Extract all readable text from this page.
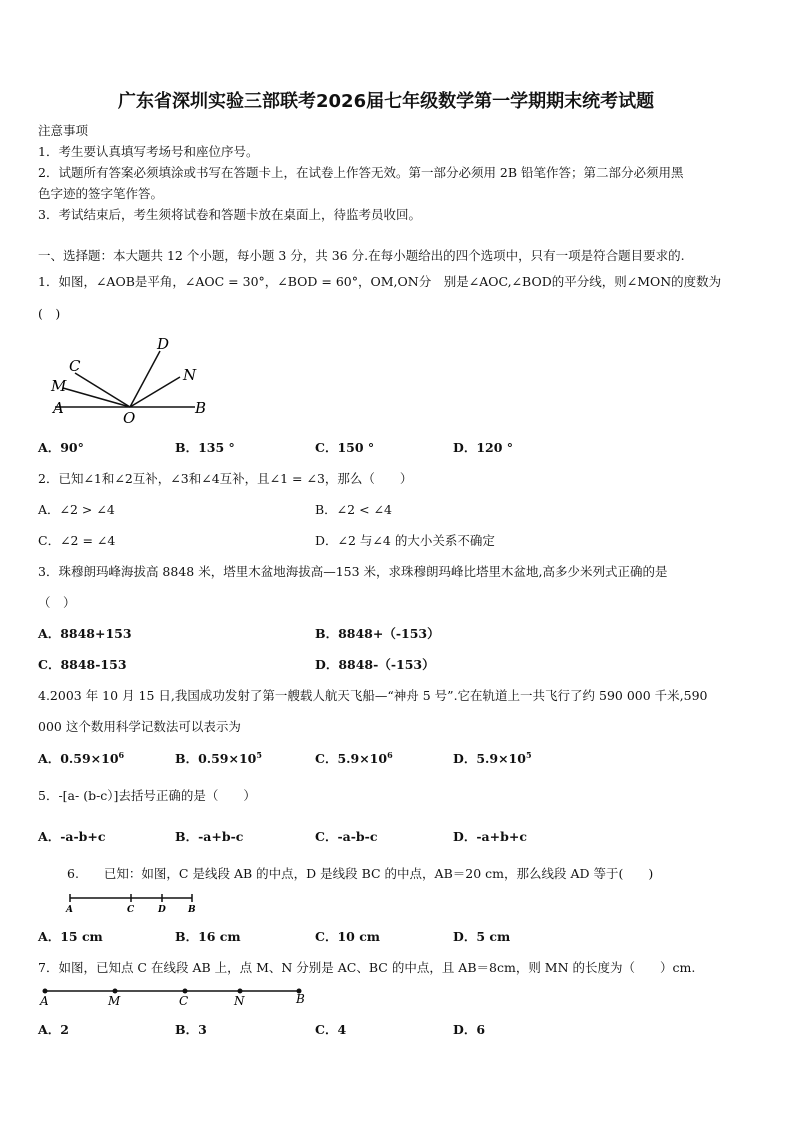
广东省深圳实验三部联考2026届七年级数学第一学期期末统考试题
注意事项
1．考生要认真填写考场号和座位序号。
2．试题所有答案必须填涂或书写在答题卡上，在试卷上作答无效。第一部分必须用 2B 铅笔作答；第二部分必须用黑
色字迹的签字笔作答。
3．考试结束后，考生须将试卷和答题卡放在桌面上，待监考员收回。
一、选择题：本大题共 12 个小题，每小题 3 分，共 36 分.在每小题给出的四个选项中，只有一项是符合题目要求的.
1．如图，∠AOB是平角，∠AOC = 30°，∠BOD = 60°，OM,ON分　别是∠AOC,∠BOD的平分线，则∠MON的度数为
(　)
C
D
M
N
A
O
B
A．90°	B．135 °	C．150 °	D．120 °
2．已知∠1和∠2互补，∠3和∠4互补，且∠1 = ∠3，那么（　　）
A．∠2 > ∠4	B．∠2 < ∠4
C．∠2 = ∠4	D．∠2 与∠4 的大小关系不确定
3．珠穆朗玛峰海拔高 8848 米，塔里木盆地海拔高—153 米，求珠穆朗玛峰比塔里木盆地,高多少米列式正确的是
（　）
A．8848+153	B．8848+（-153）
C．8848-153	D．8848-（-153）
4.2003 年 10 月 15 日,我国成功发射了第一艘载人航天飞船—“神舟 5 号”.它在轨道上一共飞行了约 590 000 千米,590
000 这个数用科学记数法可以表示为
A．$0.59\times 10^6$	B．$0.59\times 10^5$	C．$5.9\times 10^6$	D．$5.9\times 10^5$
5．-[a- (b-c）]去括号正确的是（　　）
A．-a-b+c	B．-a+b-c	C．-a-b-c	D．-a+b+c
6.　　已知：如图，C 是线段 AB 的中点，D 是线段 BC 的中点，AB＝20 cm，那么线段 AD 等于(　　)
A	C	D B
A．15 cm	B．16 cm	C．10 cm	D．5 cm
7．如图，已知点 C 在线段 AB 上，点 M、N 分别是 AC、BC 的中点，且 AB＝8cm，则 MN 的长度为（　　）cm.
A	M	C	N	B
A．2	B．3	C．4	D．6
